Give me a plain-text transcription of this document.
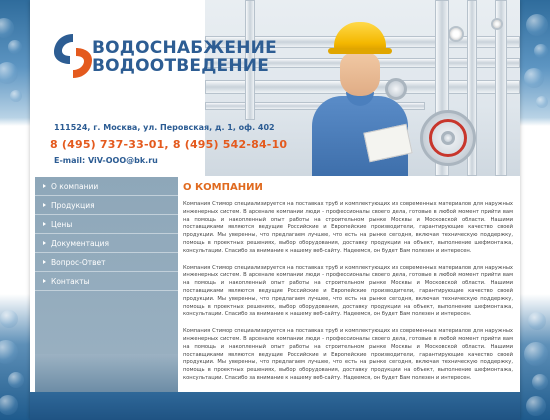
ВОДОСНАБЖЕНИЕ
ВОДООТВЕДЕНИЕ
111524, г. Москва, ул. Перовская, д. 1, оф. 402
8 (495) 737-33-01, 8 (495) 542-84-10
E-mail: ViV-OOO@bk.ru
О компании
Продукция
Цены
Документация
Вопрос-Ответ
Контакты
О КОМПАНИИ

Компания Стимор специализируется на поставках труб и комплектующих из современных материалов для наружных инженерных систем. В арсенале компании люди - профессионалы своего дела, готовые в любой момент прийти вам на помощь и накопленный опыт работы на строительном рынке Москвы и Московской области. Нашими поставщиками являются ведущие Российские и Европейские производители, гарантирующие качество своей продукции. Мы уверенны, что предлагаем лучшее, что есть на рынке сегодня, включая техническую поддержку, помощь в проектных решениях, выбор оборудования, доставку продукции на объект, выполнение шефмонтажа, консультации. Спасибо за внимание к нашему веб-сайту. Надеемся, он будет Вам полезен и интересен.

Компания Стимор специализируется на поставках труб и комплектующих из современных материалов для наружных инженерных систем. В арсенале компании люди - профессионалы своего дела, готовые в любой момент прийти вам на помощь и накопленный опыт работы на строительном рынке Москвы и Московской области. Нашими поставщиками являются ведущие Российские и Европейские производители, гарантирующие качество своей продукции. Мы уверенны, что предлагаем лучшее, что есть на рынке сегодня, включая техническую поддержку, помощь в проектных решениях, выбор оборудования, доставку продукции на объект, выполнение шефмонтажа, консультации. Спасибо за внимание к нашему веб-сайту. Надеемся, он будет Вам полезен и интересен.

Компания Стимор специализируется на поставках труб и комплектующих из современных материалов для наружных инженерных систем. В арсенале компании люди - профессионалы своего дела, готовые в любой момент прийти вам на помощь и накопленный опыт работы на строительном рынке Москвы и Московской области. Нашими поставщиками являются ведущие Российские и Европейские производители, гарантирующие качество своей продукции. Мы уверенны, что предлагаем лучшее, что есть на рынке сегодня, включая техническую поддержку, помощь в проектных решениях, выбор оборудования, доставку продукции на объект, выполнение шефмонтажа, консультации. Спасибо за внимание к нашему веб-сайту. Надеемся, он будет Вам полезен и интересен.
